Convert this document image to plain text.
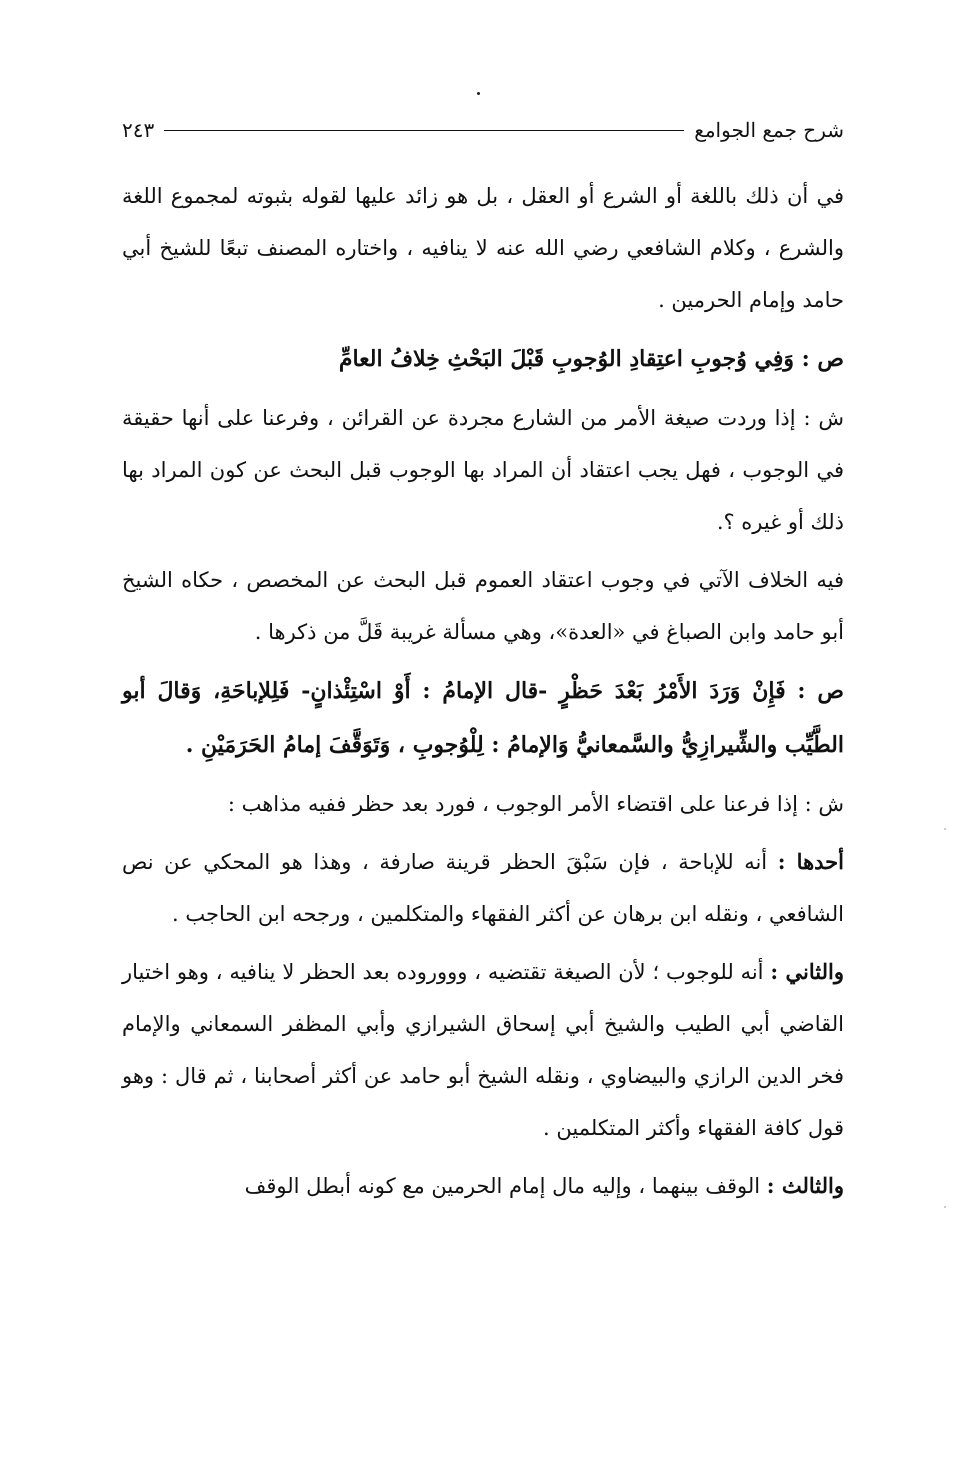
شرح جمع الجوامع
٢٤٣

في أن ذلك باللغة أو الشرع أو العقل ، بل هو زائد عليها لقوله بثبوته لمجموع اللغة والشرع ، وكلام الشافعي رضي الله عنه لا ينافيه ، واختاره المصنف تبعًا للشيخ أبي حامد وإمام الحرمين .

ص : وَفِي وُجوبِ اعتِقادِ الوُجوبِ قَبْلَ البَحْثِ خِلافُ العامِّ

ش : إذا وردت صيغة الأمر من الشارع مجردة عن القرائن ، وفرعنا على أنها حقيقة في الوجوب ، فهل يجب اعتقاد أن المراد بها الوجوب قبل البحث عن كون المراد بها ذلك أو غيره ؟.

فيه الخلاف الآتي في وجوب اعتقاد العموم قبل البحث عن المخصص ، حكاه الشيخ أبو حامد وابن الصباغ في «العدة»، وهي مسألة غريبة قَلَّ من ذكرها .

ص : فَإِنْ وَرَدَ الأَمْرُ بَعْدَ حَظْرٍ -قال الإمامُ : أَوْ اسْتِئْذانٍ- فَلِلإباحَةِ، وَقالَ أبو الطَّيِّب والشِّيرازِيُّ والسَّمعانيُّ وَالإمامُ : لِلْوُجوبِ ، وَتَوَقَّفَ إمامُ الحَرَمَيْنِ .

ش : إذا فرعنا على اقتضاء الأمر الوجوب ، فورد بعد حظر ففيه مذاهب :

أحدها : أنه للإباحة ، فإن سَبْقَ الحظر قرينة صارفة ، وهذا هو المحكي عن نص الشافعي ، ونقله ابن برهان عن أكثر الفقهاء والمتكلمين ، ورجحه ابن الحاجب .

والثاني : أنه للوجوب ؛ لأن الصيغة تقتضيه ، وووروده بعد الحظر لا ينافيه ، وهو اختيار القاضي أبي الطيب والشيخ أبي إسحاق الشيرازي وأبي المظفر السمعاني والإمام فخر الدين الرازي والبيضاوي ، ونقله الشيخ أبو حامد عن أكثر أصحابنا ، ثم قال : وهو قول كافة الفقهاء وأكثر المتكلمين .

والثالث : الوقف بينهما ، وإليه مال إمام الحرمين مع كونه أبطل الوقف
